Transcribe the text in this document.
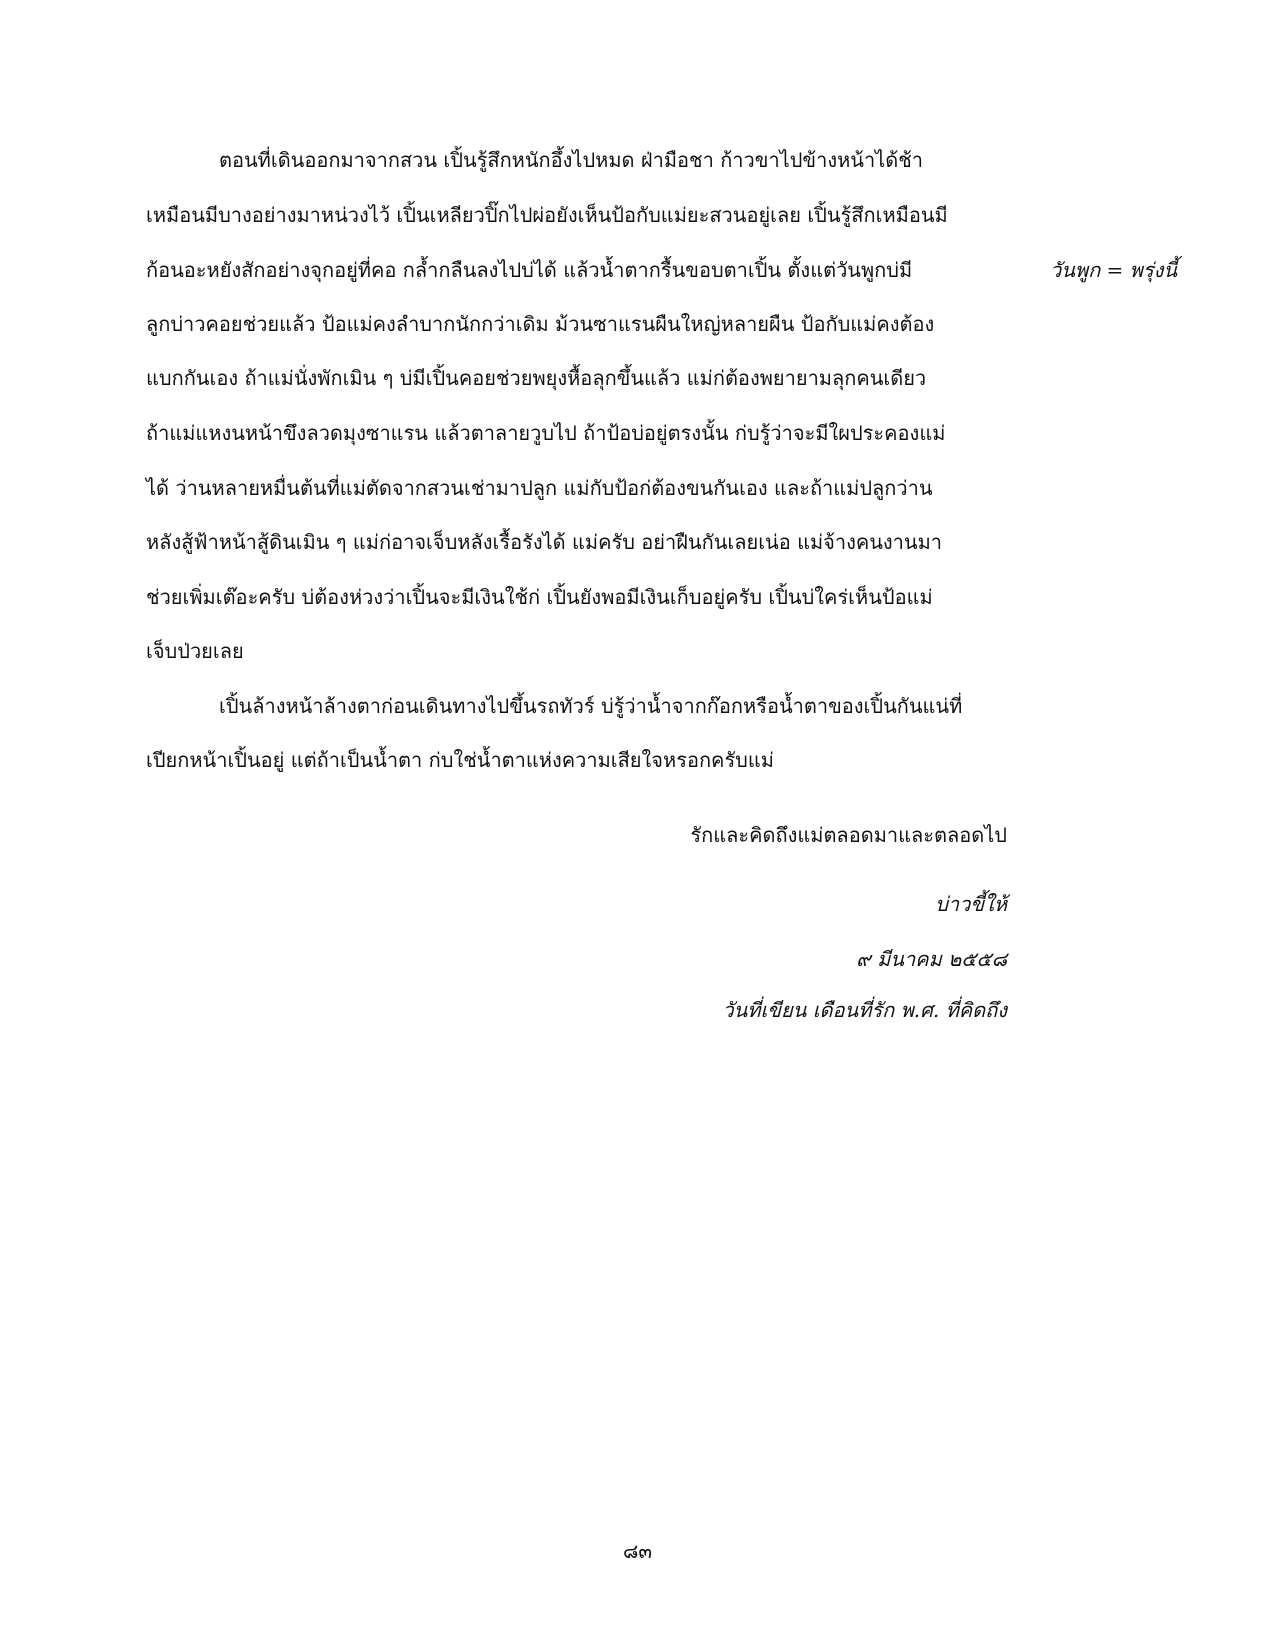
ตอนที่เดินออกมาจากสวน เปิ้นรู้สึกหนักอึ้งไปหมด ฝ่ามือชา ก้าวขาไปข้างหน้าได้ช้า
เหมือนมีบางอย่างมาหน่วงไว้ เปิ้นเหลียวปิ๊กไปผ่อยังเห็นป้อกับแม่ยะสวนอยู่เลย เปิ้นรู้สึกเหมือนมี
ก้อนอะหยังสักอย่างจุกอยู่ที่คอ กล้ำกลืนลงไปบ่ได้ แล้วน้ำตากรื้นขอบตาเปิ้น ตั้งแต่วันพูกบ่มี
ลูกบ่าวคอยช่วยแล้ว ป้อแม่คงลำบากนักกว่าเดิม ม้วนซาแรนผืนใหญ่หลายผืน ป้อกับแม่คงต้อง
แบกกันเอง ถ้าแม่นั่งพักเมิน ๆ บ่มีเปิ้นคอยช่วยพยุงหื้อลุกขึ้นแล้ว แม่ก่ต้องพยายามลุกคนเดียว
ถ้าแม่แหงนหน้าขึงลวดมุงซาแรน แล้วตาลายวูบไป ถ้าป้อบ่อยู่ตรงนั้น ก่บรู้ว่าจะมีใผประคองแม่
ได้ ว่านหลายหมื่นต้นที่แม่ตัดจากสวนเช่ามาปลูก แม่กับป้อก่ต้องขนกันเอง และถ้าแม่ปลูกว่าน
หลังสู้ฟ้าหน้าสู้ดินเมิน ๆ แม่ก่อาจเจ็บหลังเรื้อรังได้ แม่ครับ อย่าฝืนกันเลยเน่อ แม่จ้างคนงานมา
ช่วยเพิ่มเต๊อะครับ บ่ต้องห่วงว่าเปิ้นจะมีเงินใช้ก่ เปิ้นยังพอมีเงินเก็บอยู่ครับ เปิ้นบ่ใคร่เห็นป้อแม่
เจ็บป่วยเลย
เปิ้นล้างหน้าล้างตาก่อนเดินทางไปขึ้นรถทัวร์ บ่รู้ว่าน้ำจากก๊อกหรือน้ำตาของเปิ้นกันแน่ที่
เปียกหน้าเปิ้นอยู่ แต่ถ้าเป็นน้ำตา ก่บใช่น้ำตาแห่งความเสียใจหรอกครับแม่
รักและคิดถึงแม่ตลอดมาและตลอดไป
บ่าวขี้ให้
๙ มีนาคม ๒๕๕๘
วันที่เขียน เดือนที่รัก พ.ศ. ที่คิดถึง
วันพูก = พรุ่งนี้
๘๓
